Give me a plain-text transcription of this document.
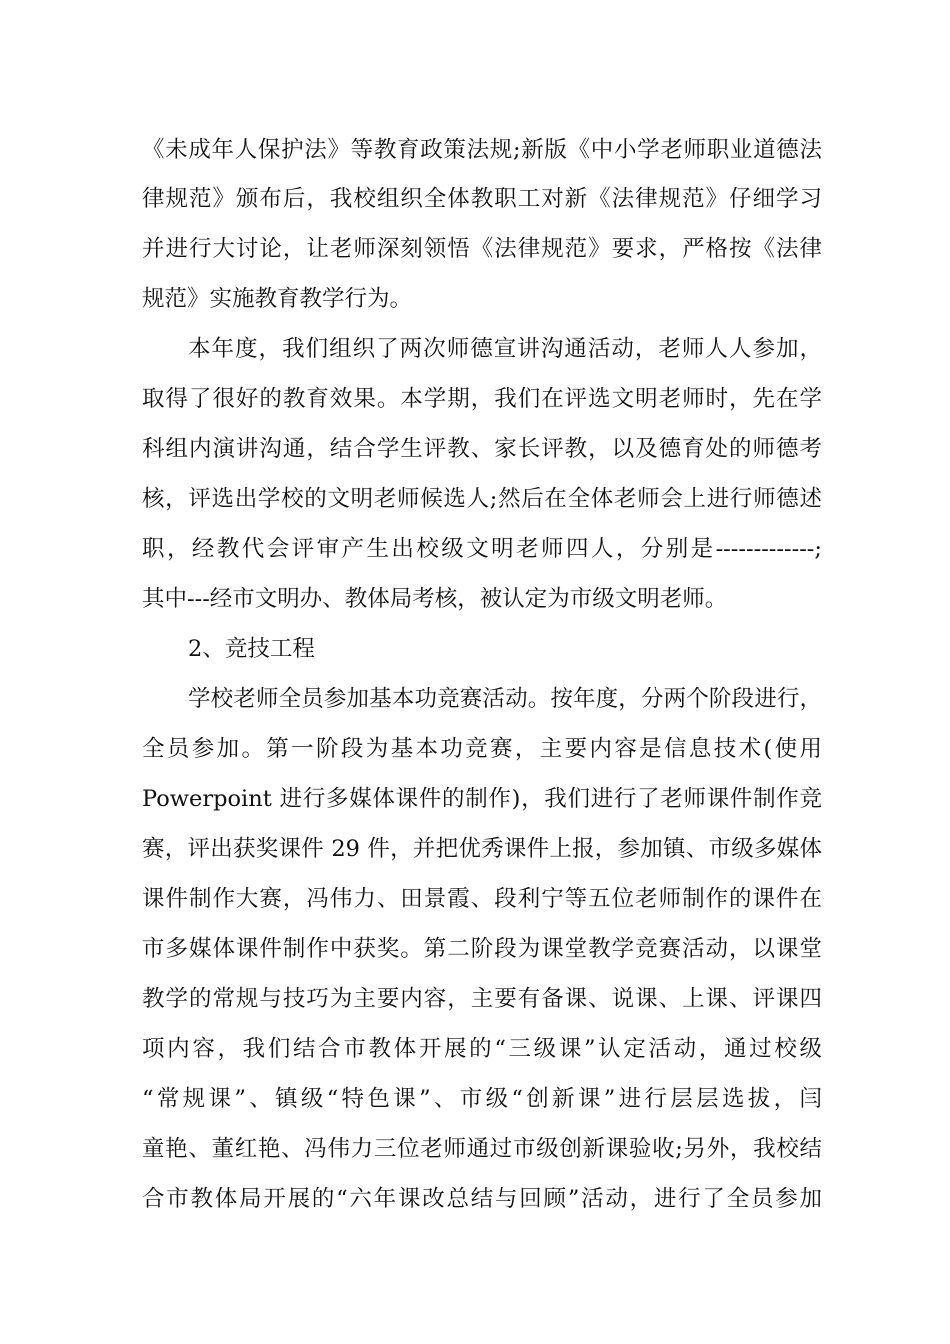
《未成年人保护法》等教育政策法规;新版《中小学老师职业道德法
律规范》颁布后，我校组织全体教职工对新《法律规范》仔细学习
并进行大讨论，让老师深刻领悟《法律规范》要求，严格按《法律
规范》实施教育教学行为。
本年度，我们组织了两次师德宣讲沟通活动，老师人人参加，
取得了很好的教育效果。本学期，我们在评选文明老师时，先在学
科组内演讲沟通，结合学生评教、家长评教，以及德育处的师德考
核，评选出学校的文明老师候选人;然后在全体老师会上进行师德述
职，经教代会评审产生出校级文明老师四人，分别是-------------;
其中---经市文明办、教体局考核，被认定为市级文明老师。
2、竞技工程
学校老师全员参加基本功竞赛活动。按年度，分两个阶段进行，
全员参加。第一阶段为基本功竞赛，主要内容是信息技术(使用
Powerpoint 进行多媒体课件的制作)，我们进行了老师课件制作竞
赛，评出获奖课件 29 件，并把优秀课件上报，参加镇、市级多媒体
课件制作大赛，冯伟力、田景霞、段利宁等五位老师制作的课件在
市多媒体课件制作中获奖。第二阶段为课堂教学竞赛活动，以课堂
教学的常规与技巧为主要内容，主要有备课、说课、上课、评课四
项内容，我们结合市教体开展的“三级课”认定活动，通过校级
“常规课”、镇级“特色课”、市级“创新课”进行层层选拔，闫
童艳、董红艳、冯伟力三位老师通过市级创新课验收;另外，我校结
合市教体局开展的“六年课改总结与回顾”活动，进行了全员参加
